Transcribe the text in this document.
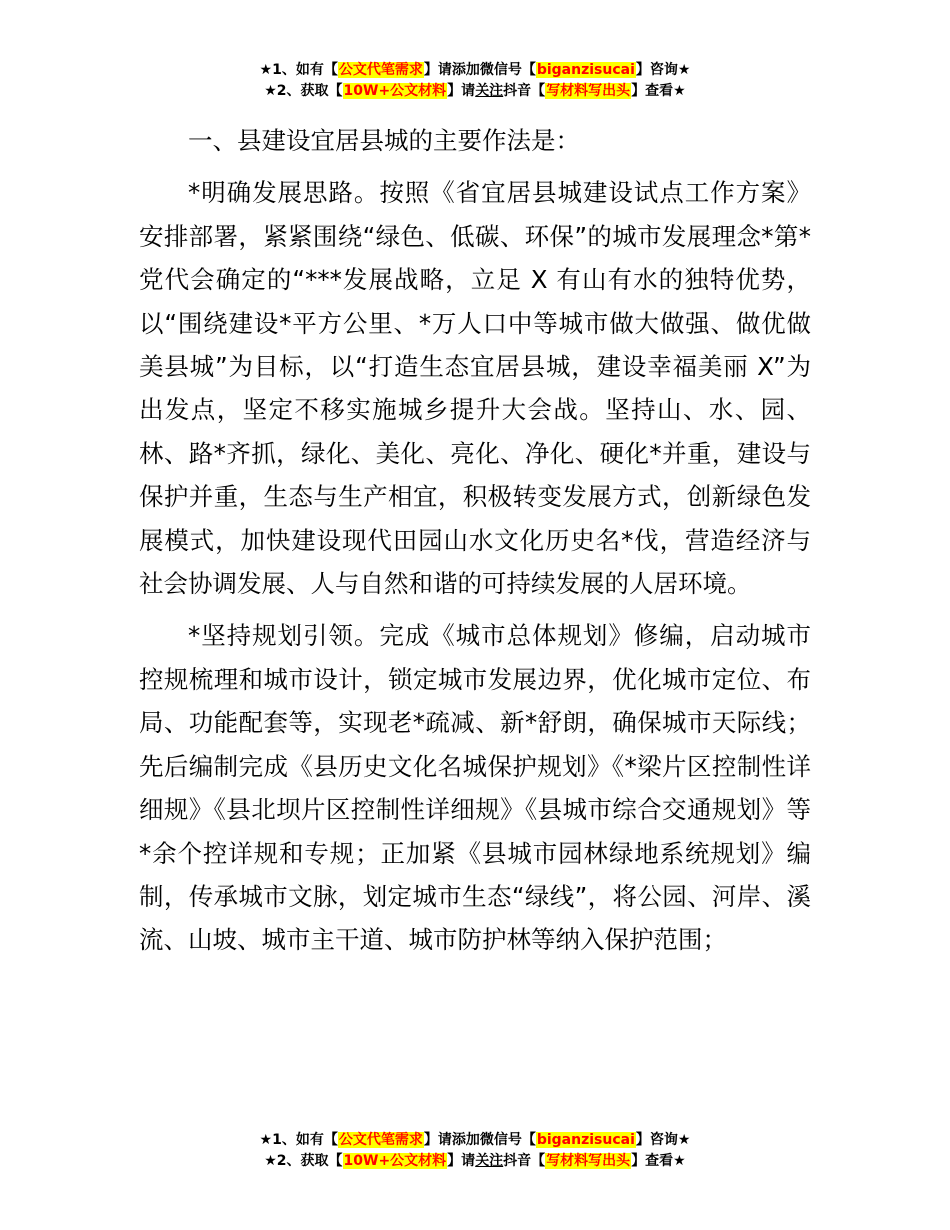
★1、如有【公文代笔需求】请添加微信号【biganzisucai】咨询★
★2、获取【10W+公文材料】请关注抖音【写材料写出头】查看★

一、县建设宜居县城的主要作法是：

*明确发展思路。按照《省宜居县城建设试点工作方案》安排部署，紧紧围绕“绿色、低碳、环保”的城市发展理念*第*党代会确定的“***发展战略，立足 X 有山有水的独特优势，以“围绕建设*平方公里、*万人口中等城市做大做强、做优做美县城”为目标，以“打造生态宜居县城，建设幸福美丽 X”为出发点，坚定不移实施城乡提升大会战。坚持山、水、园、林、路*齐抓，绿化、美化、亮化、净化、硬化*并重，建设与保护并重，生态与生产相宜，积极转变发展方式，创新绿色发展模式，加快建设现代田园山水文化历史名*伐，营造经济与社会协调发展、人与自然和谐的可持续发展的人居环境。

*坚持规划引领。完成《城市总体规划》修编，启动城市控规梳理和城市设计，锁定城市发展边界，优化城市定位、布局、功能配套等，实现老*疏减、新*舒朗，确保城市天际线；先后编制完成《县历史文化名城保护规划》《*梁片区控制性详细规》《县北坝片区控制性详细规》《县城市综合交通规划》等*余个控详规和专规；正加紧《县城市园林绿地系统规划》编制，传承城市文脉，划定城市生态“绿线”，将公园、河岸、溪流、山坡、城市主干道、城市防护林等纳入保护范围；

★1、如有【公文代笔需求】请添加微信号【biganzisucai】咨询★
★2、获取【10W+公文材料】请关注抖音【写材料写出头】查看★
